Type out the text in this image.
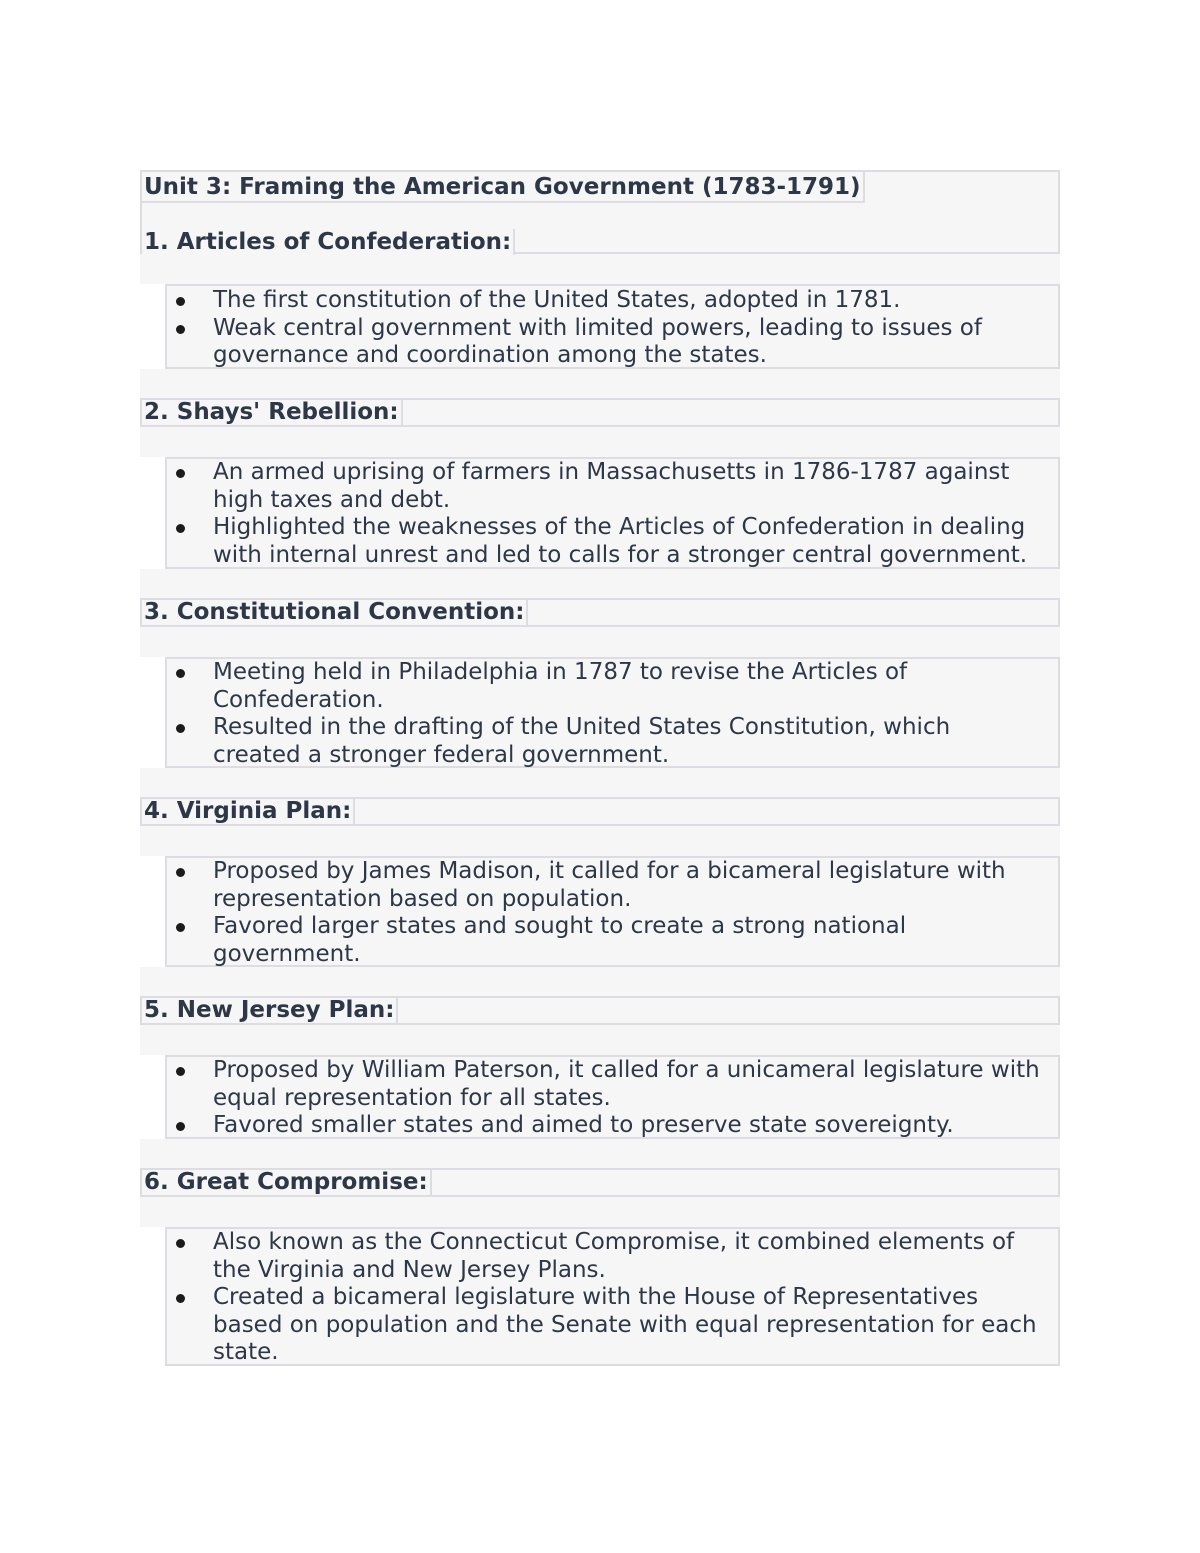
Unit 3: Framing the American Government (1783-1791)
1. Articles of Confederation:
The first constitution of the United States, adopted in 1781.
Weak central government with limited powers, leading to issues of
governance and coordination among the states.
2. Shays' Rebellion:
An armed uprising of farmers in Massachusetts in 1786-1787 against
high taxes and debt.
Highlighted the weaknesses of the Articles of Confederation in dealing
with internal unrest and led to calls for a stronger central government.
3. Constitutional Convention:
Meeting held in Philadelphia in 1787 to revise the Articles of
Confederation.
Resulted in the drafting of the United States Constitution, which
created a stronger federal government.
4. Virginia Plan:
Proposed by James Madison, it called for a bicameral legislature with
representation based on population.
Favored larger states and sought to create a strong national
government.
5. New Jersey Plan:
Proposed by William Paterson, it called for a unicameral legislature with
equal representation for all states.
Favored smaller states and aimed to preserve state sovereignty.
6. Great Compromise:
Also known as the Connecticut Compromise, it combined elements of
the Virginia and New Jersey Plans.
Created a bicameral legislature with the House of Representatives
based on population and the Senate with equal representation for each
state.
